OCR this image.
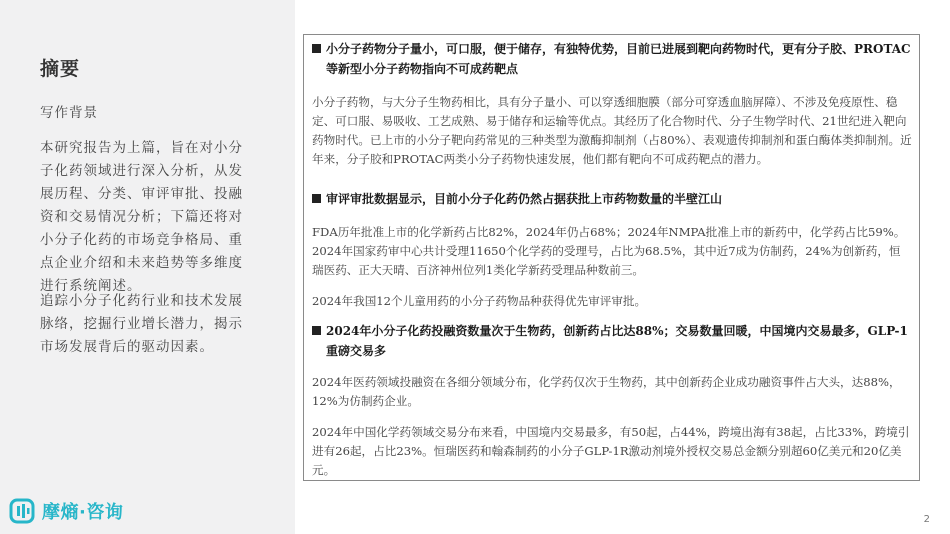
摘要
写作背景

本研究报告为上篇，旨在对小分子化药领域进行深入分析，从发展历程、分类、审评审批、投融资和交易情况分析；下篇还将对小分子化药的市场竞争格局、重点企业介绍和未来趋势等多维度进行系统阐述。

追踪小分子化药行业和技术发展脉络，挖掘行业增长潜力，揭示市场发展背后的驱动因素。

摩熵·咨询

小分子药物分子量小，可口服，便于储存，有独特优势，目前已进展到靶向药物时代，更有分子胶、PROTAC 等新型小分子药物指向不可成药靶点

小分子药物，与大分子生物药相比，具有分子量小、可以穿透细胞膜（部分可穿透血脑屏障）、不涉及免疫原性、稳定、可口服、易吸收、工艺成熟、易于储存和运输等优点。其经历了化合物时代、分子生物学时代、21世纪进入靶向药物时代。已上市的小分子靶向药常见的三种类型为激酶抑制剂（占80%）、表观遗传抑制剂和蛋白酶体类抑制剂。近年来，分子胶和PROTAC两类小分子药物快速发展，他们都有靶向不可成药靶点的潜力。

审评审批数据显示，目前小分子化药仍然占据获批上市药物数量的半壁江山

FDA历年批准上市的化学新药占比82%，2024年仍占68%；2024年NMPA批准上市的新药中，化学药占比59%。2024年国家药审中心共计受理11650个化学药的受理号，占比为68.5%，其中近7成为仿制药，24%为创新药，恒瑞医药、正大天晴、百济神州位列1类化学新药受理品种数前三。

2024年我国12个儿童用药的小分子药物品种获得优先审评审批。

2024年小分子化药投融资数量次于生物药，创新药占比达88%；交易数量回暖，中国境内交易最多，GLP-1重磅交易多

2024年医药领域投融资在各细分领域分布，化学药仅次于生物药，其中创新药企业成功融资事件占大头，达88%，12%为仿制药企业。

2024年中国化学药领域交易分布来看，中国境内交易最多，有50起，占44%，跨境出海有38起，占比33%，跨境引进有26起，占比23%。恒瑞医药和翰森制药的小分子GLP-1R激动剂境外授权交易总金额分别超60亿美元和20亿美元。

2
